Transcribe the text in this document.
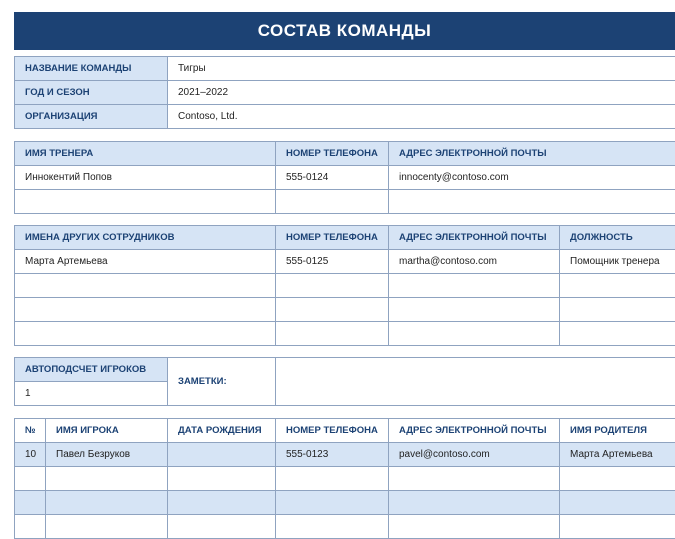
СОСТАВ КОМАНДЫ
НАЗВАНИЕ КОМАНДЫ	Тигры
ГОД И СЕЗОН	2021–2022
ОРГАНИЗАЦИЯ	Contoso, Ltd.
ИМЯ ТРЕНЕРА	НОМЕР ТЕЛЕФОНА	АДРЕС ЭЛЕКТРОННОЙ ПОЧТЫ
Иннокентий Попов	555-0124	innocenty@contoso.com

ИМЕНА ДРУГИХ СОТРУДНИКОВ	НОМЕР ТЕЛЕФОНА	АДРЕС ЭЛЕКТРОННОЙ ПОЧТЫ	ДОЛЖНОСТЬ
Марта Артемьева	555-0125	martha@contoso.com	Помощник тренера

АВТОПОДСЧЕТ ИГРОКОВ	ЗАМЕТКИ:	
1
№	ИМЯ ИГРОКА	ДАТА РОЖДЕНИЯ	НОМЕР ТЕЛЕФОНА	АДРЕС ЭЛЕКТРОННОЙ ПОЧТЫ	ИМЯ РОДИТЕЛЯ
10	Павел Безруков		555-0123	pavel@contoso.com	Марта Артемьева
